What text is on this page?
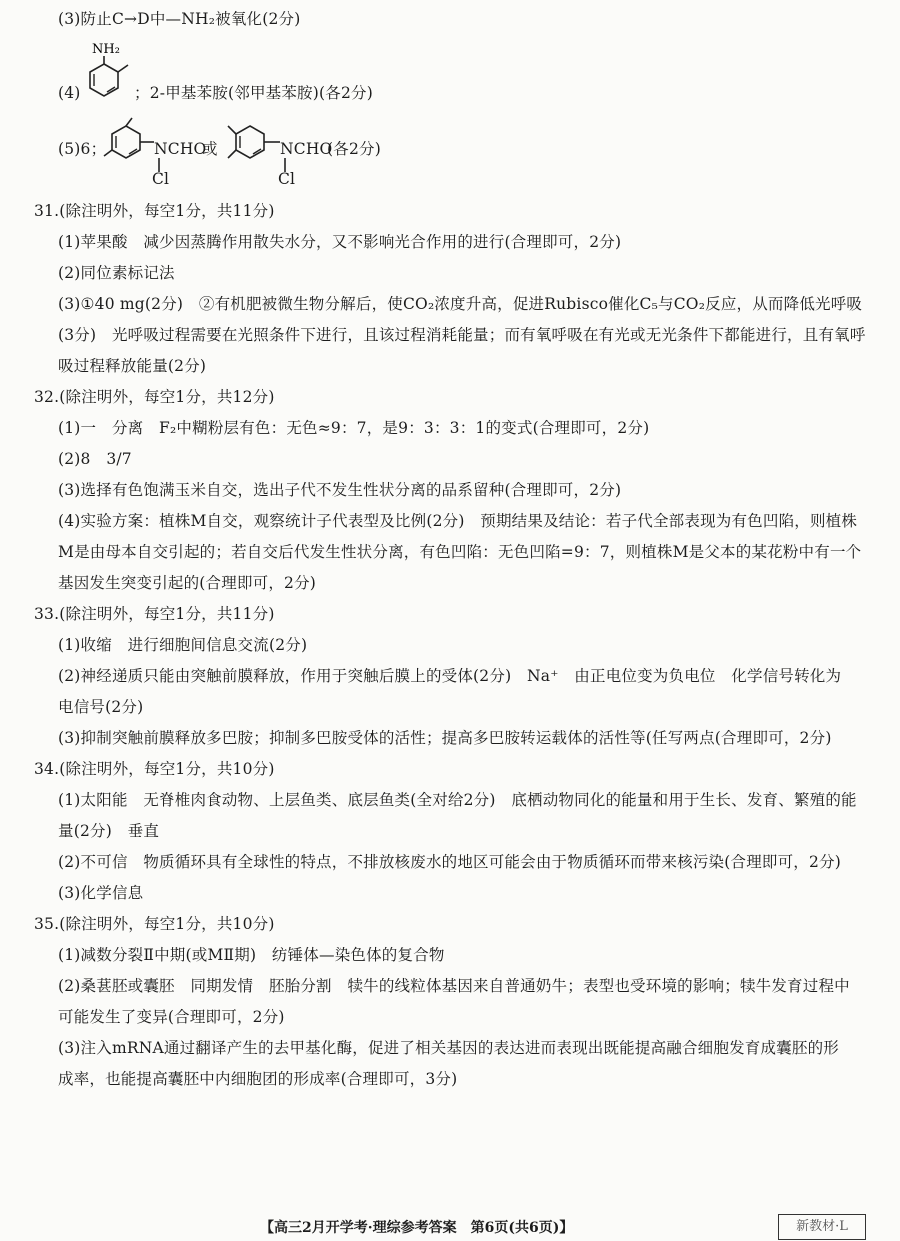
(3)防止C→D中—NH₂被氧化(2分)
(4)
NH₂
；2-甲基苯胺(邻甲基苯胺)(各2分)
(5)6；	NCHO
Cl
或	NCHO
Cl
(各2分)
31.(除注明外，每空1分，共11分)
(1)苹果酸　减少因蒸腾作用散失水分，又不影响光合作用的进行(合理即可，2分)
(2)同位素标记法
(3)①40 mg(2分)　②有机肥被微生物分解后，使CO₂浓度升高，促进Rubisco催化C₅与CO₂反应，从而降低光呼吸
(3分)　光呼吸过程需要在光照条件下进行，且该过程消耗能量；而有氧呼吸在有光或无光条件下都能进行，且有氧呼
吸过程释放能量(2分)
32.(除注明外，每空1分，共12分)
(1)一　分离　F₂中糊粉层有色：无色≈9：7，是9：3：3：1的变式(合理即可，2分)
(2)8　3/7
(3)选择有色饱满玉米自交，选出子代不发生性状分离的品系留种(合理即可，2分)
(4)实验方案：植株M自交，观察统计子代表型及比例(2分)　预期结果及结论：若子代全部表现为有色凹陷，则植株
M是由母本自交引起的；若自交后代发生性状分离，有色凹陷：无色凹陷=9：7，则植株M是父本的某花粉中有一个
基因发生突变引起的(合理即可，2分)
33.(除注明外，每空1分，共11分)
(1)收缩　进行细胞间信息交流(2分)
(2)神经递质只能由突触前膜释放，作用于突触后膜上的受体(2分)　Na⁺　由正电位变为负电位　化学信号转化为
电信号(2分)
(3)抑制突触前膜释放多巴胺；抑制多巴胺受体的活性；提高多巴胺转运载体的活性等(任写两点(合理即可，2分)
34.(除注明外，每空1分，共10分)
(1)太阳能　无脊椎肉食动物、上层鱼类、底层鱼类(全对给2分)　底栖动物同化的能量和用于生长、发育、繁殖的能
量(2分)　垂直
(2)不可信　物质循环具有全球性的特点，不排放核废水的地区可能会由于物质循环而带来核污染(合理即可，2分)
(3)化学信息
35.(除注明外，每空1分，共10分)
(1)减数分裂Ⅱ中期(或MⅡ期)　纺锤体—染色体的复合物
(2)桑葚胚或囊胚　同期发情　胚胎分割　犊牛的线粒体基因来自普通奶牛；表型也受环境的影响；犊牛发育过程中
可能发生了变异(合理即可，2分)
(3)注入mRNA通过翻译产生的去甲基化酶，促进了相关基因的表达进而表现出既能提高融合细胞发育成囊胚的形
成率，也能提高囊胚中内细胞团的形成率(合理即可，3分)
【高三2月开学考·理综参考答案　第6页(共6页)】	新教材·L
